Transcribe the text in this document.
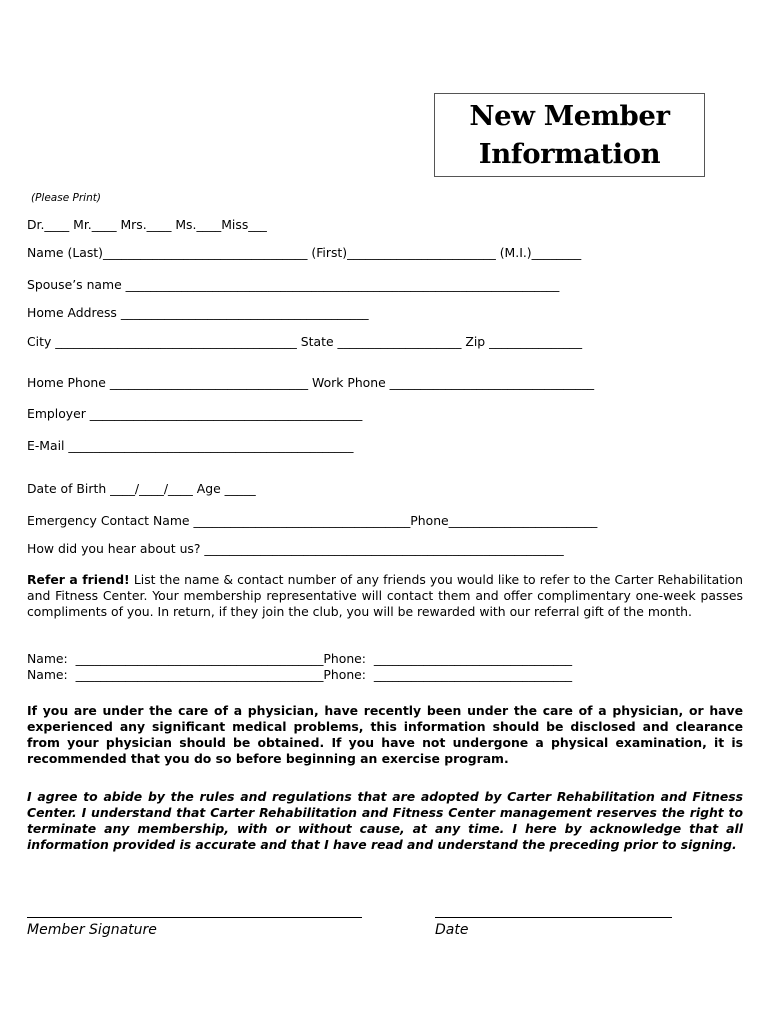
New Member
Information
(Please Print)
Dr.____ Mr.____ Mrs.____ Ms.____Miss___
Name (Last)_________________________________ (First)________________________ (M.I.)________
Spouse’s name ______________________________________________________________________
Home Address ________________________________________
City _______________________________________ State ____________________ Zip _______________
Home Phone ________________________________ Work Phone _________________________________
Employer ____________________________________________
E-Mail ______________________________________________
Date of Birth ____/____/____ Age _____
Emergency Contact Name ___________________________________Phone________________________
How did you hear about us? __________________________________________________________
Refer a friend! List the name & contact number of any friends you would like to refer to the Carter Rehabilitation and Fitness Center. Your membership representative will contact them and offer complimentary one-week passes compliments of you. In return, if they join the club, you will be rewarded with our referral gift of the month.
Name:  ________________________________________Phone:  ________________________________
Name:  ________________________________________Phone:  ________________________________
If you are under the care of a physician, have recently been under the care of a physician, or have experienced any significant medical problems, this information should be disclosed and clearance from your physician should be obtained. If you have not undergone a physical examination, it is recommended that you do so before beginning an exercise program.
I agree to abide by the rules and regulations that are adopted by Carter Rehabilitation and Fitness Center. I understand that Carter Rehabilitation and Fitness Center management reserves the right to terminate any membership, with or without cause, at any time. I here by acknowledge that all information provided is accurate and that I have read and understand the preceding prior to signing.
Member Signature	Date
